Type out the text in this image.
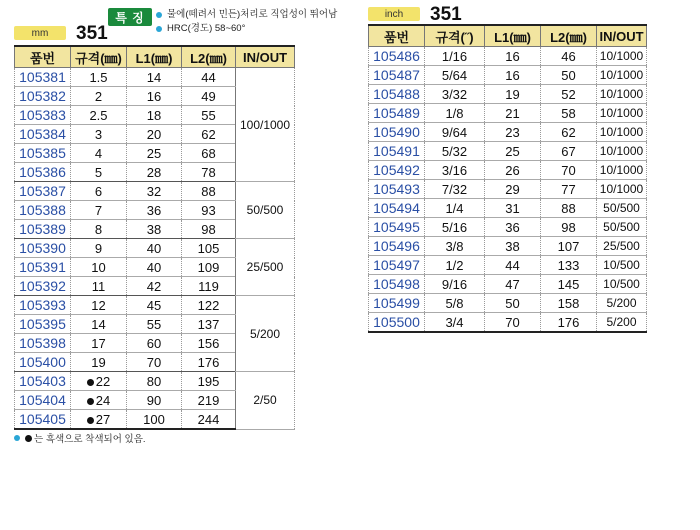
mm	351
특 징	물에(떼려서 민든)처리로 직업성이 뛰어남
HRC(경도) 58~60°
품번	규격(㎜)	L1(㎜)	L2(㎜)	IN/OUT
105381	1.5	14	44	100/1000
105382	2	16	49	
105383	2.5	18	55	
105384	3	20	62	
105385	4	25	68	
105386	5	28	78	
105387	6	32	88	50/500
105388	7	36	93	
105389	8	38	98	
105390	9	40	105	25/500
105391	10	40	109	
105392	11	42	119	
105393	12	45	122	5/200
105395	14	55	137	
105398	17	60	156	
105400	19	70	176	
105403	22	80	195	2/50
105404	24	90	219	
105405	27	100	244	
는 흑색으로 착색되어 있음.
inch	351
품번	규격(˝)	L1(㎜)	L2(㎜)	IN/OUT
105486	1/16	16	46	10/1000
105487	5/64	16	50	10/1000
105488	3/32	19	52	10/1000
105489	1/8	21	58	10/1000
105490	9/64	23	62	10/1000
105491	5/32	25	67	10/1000
105492	3/16	26	70	10/1000
105493	7/32	29	77	10/1000
105494	1/4	31	88	50/500
105495	5/16	36	98	50/500
105496	3/8	38	107	25/500
105497	1/2	44	133	10/500
105498	9/16	47	145	10/500
105499	5/8	50	158	5/200
105500	3/4	70	176	5/200
